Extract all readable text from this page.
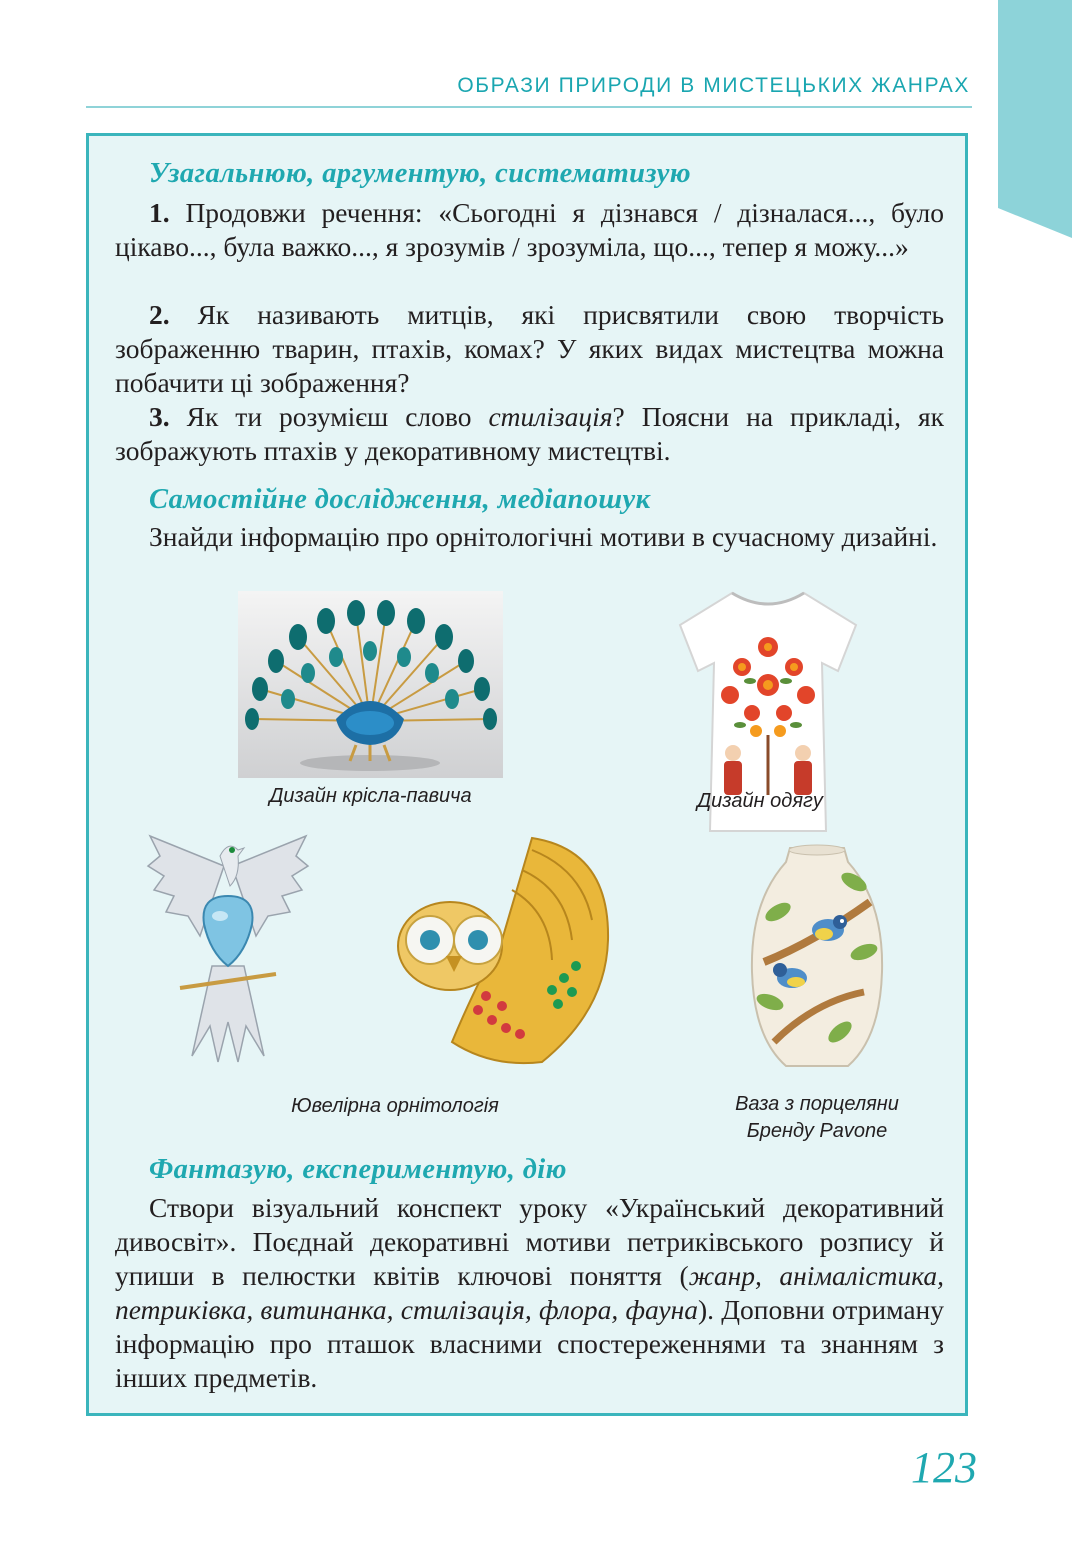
ОБРАЗИ ПРИРОДИ В МИСТЕЦЬКИХ ЖАНРАХ
Узагальнюю, аргументую, систематизую

1. Продовжи речення: «Сьогодні я дізнався / дізналася..., було цікаво..., була важко..., я зрозумів / зрозуміла, що..., тепер я можу...»

2. Як називають митців, які присвятили свою творчість зображенню тварин, птахів, комах? У яких видах мистецтва можна побачити ці зображення?

3. Як ти розумієш слово стилізація? Поясни на прикладі, як зображують птахів у декоративному мистецтві.

Самостійне дослідження, медіапошук

Знайди інформацію про орнітологічні мотиви в сучасному дизайні.

Дизайн крісла-павича	Дизайн одягу

Ювелірна орнітологія	Ваза з порцеляни
Бренду Pavone

Фантазую, експериментую, дію

Створи візуальний конспект уроку «Український декоративний дивосвіт». Поєднай декоративні мотиви петриківського розпису й упиши в пелюстки квітів ключові поняття (жанр, анімалістика, петриківка, витинанка, стилізація, флора, фауна). Доповни отриману інформацію про пташок власними спостереженнями та знанням з інших предметів.

123
